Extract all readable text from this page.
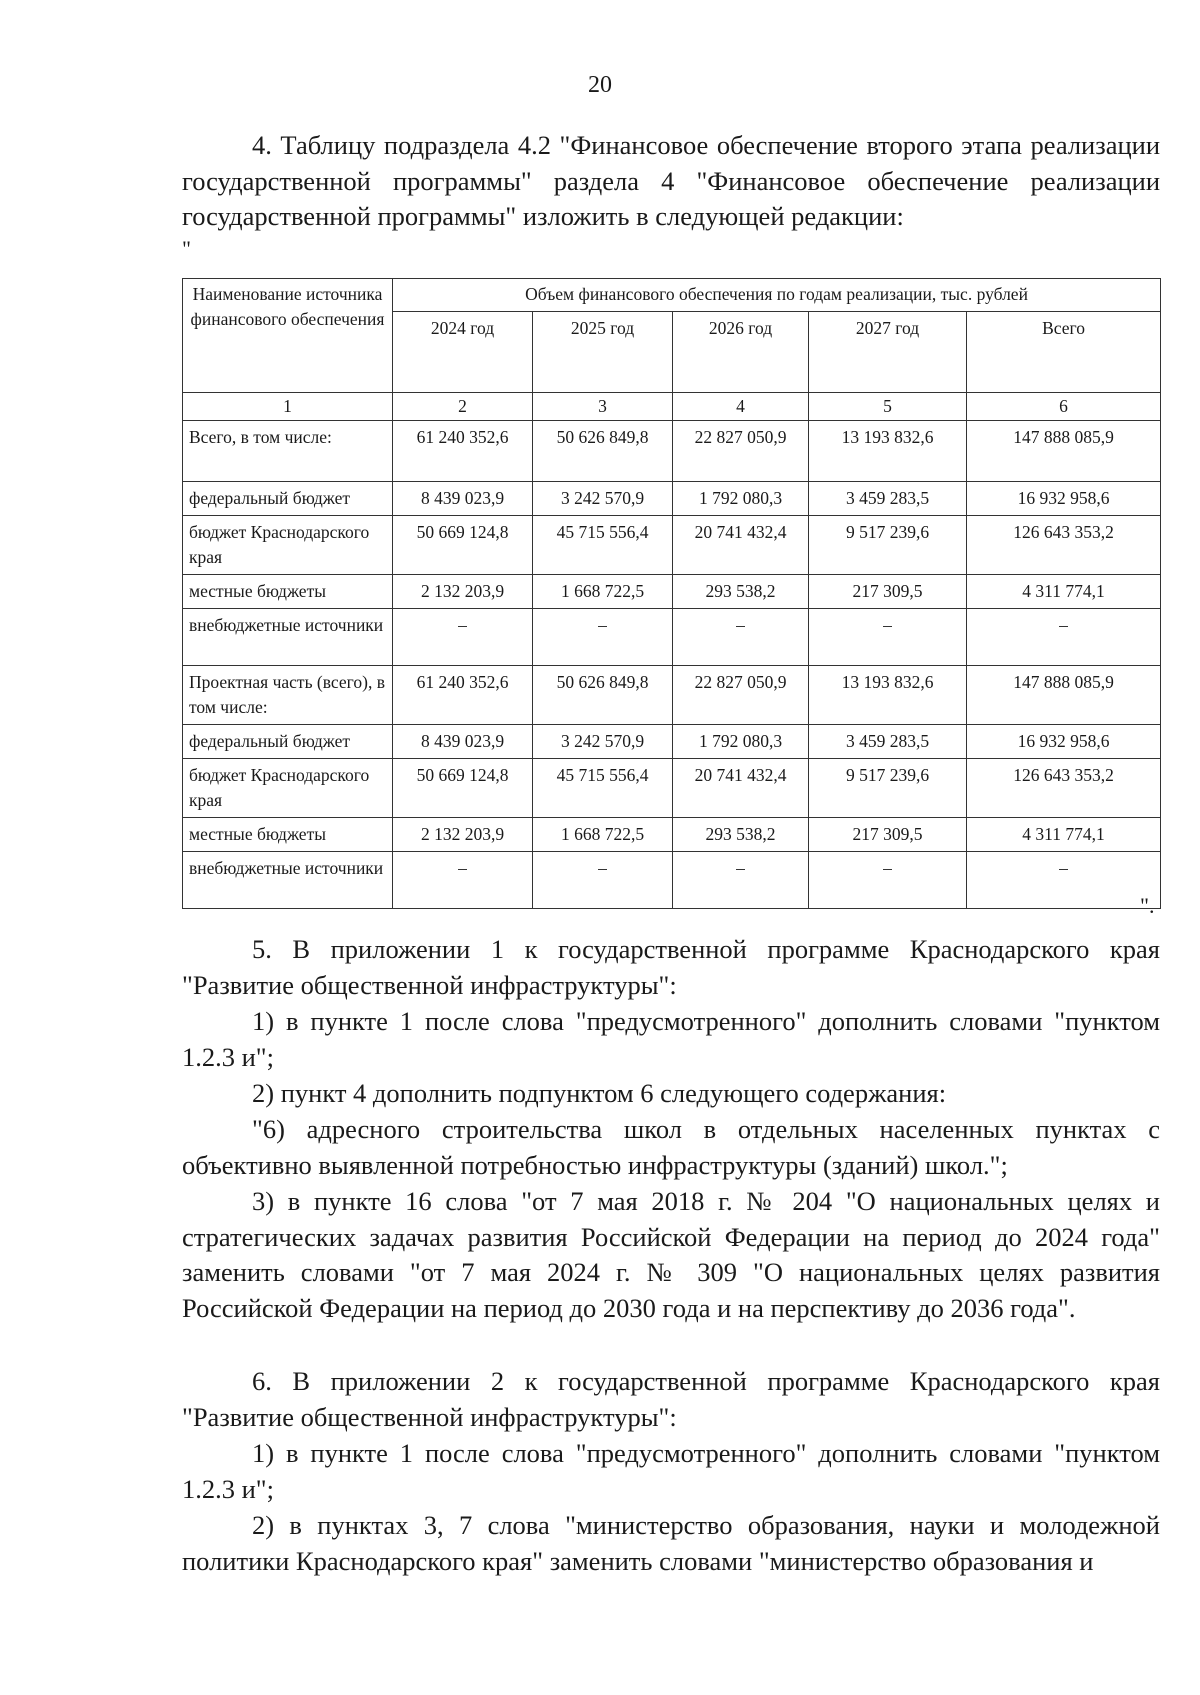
20

4. Таблицу подраздела 4.2 "Финансовое обеспечение второго этапа реализации государственной программы" раздела 4 "Финансовое обеспечение реализации государственной программы" изложить в следующей редакции:

"
Наименование источника финансового обеспечения	Объем финансового обеспечения по годам реализации, тыс. рублей				
	2024 год	2025 год	2026 год	2027 год	Всего
1	2	3	4	5	6
Всего, в том числе:	61 240 352,6	50 626 849,8	22 827 050,9	13 193 832,6	147 888 085,9
федеральный бюджет	8 439 023,9	3 242 570,9	1 792 080,3	3 459 283,5	16 932 958,6
бюджет Краснодарского края	50 669 124,8	45 715 556,4	20 741 432,4	9 517 239,6	126 643 353,2
местные бюджеты	2 132 203,9	1 668 722,5	293 538,2	217 309,5	4 311 774,1
внебюджетные источники	–	–	–	–	–
Проектная часть (всего), в том числе:	61 240 352,6	50 626 849,8	22 827 050,9	13 193 832,6	147 888 085,9
федеральный бюджет	8 439 023,9	3 242 570,9	1 792 080,3	3 459 283,5	16 932 958,6
бюджет Краснодарского края	50 669 124,8	45 715 556,4	20 741 432,4	9 517 239,6	126 643 353,2
местные бюджеты	2 132 203,9	1 668 722,5	293 538,2	217 309,5	4 311 774,1
внебюджетные источники	–	–	–	–	–
".

5. В приложении 1 к государственной программе Краснодарского края "Развитие общественной инфраструктуры":

1) в пункте 1 после слова "предусмотренного" дополнить словами "пунктом 1.2.3 и";

2) пункт 4 дополнить подпунктом 6 следующего содержания:

"6) адресного строительства школ в отдельных населенных пунктах с объективно выявленной потребностью инфраструктуры (зданий) школ.";

3) в пункте 16 слова "от 7 мая 2018 г. № 204 "О национальных целях и стратегических задачах развития Российской Федерации на период до 2024 года" заменить словами "от 7 мая 2024 г. № 309 "О национальных целях развития Российской Федерации на период до 2030 года и на перспективу до 2036 года".

6. В приложении 2 к государственной программе Краснодарского края "Развитие общественной инфраструктуры":

1) в пункте 1 после слова "предусмотренного" дополнить словами "пунктом 1.2.3 и";

2) в пунктах 3, 7 слова "министерство образования, науки и молодежной политики Краснодарского края" заменить словами "министерство образования и
